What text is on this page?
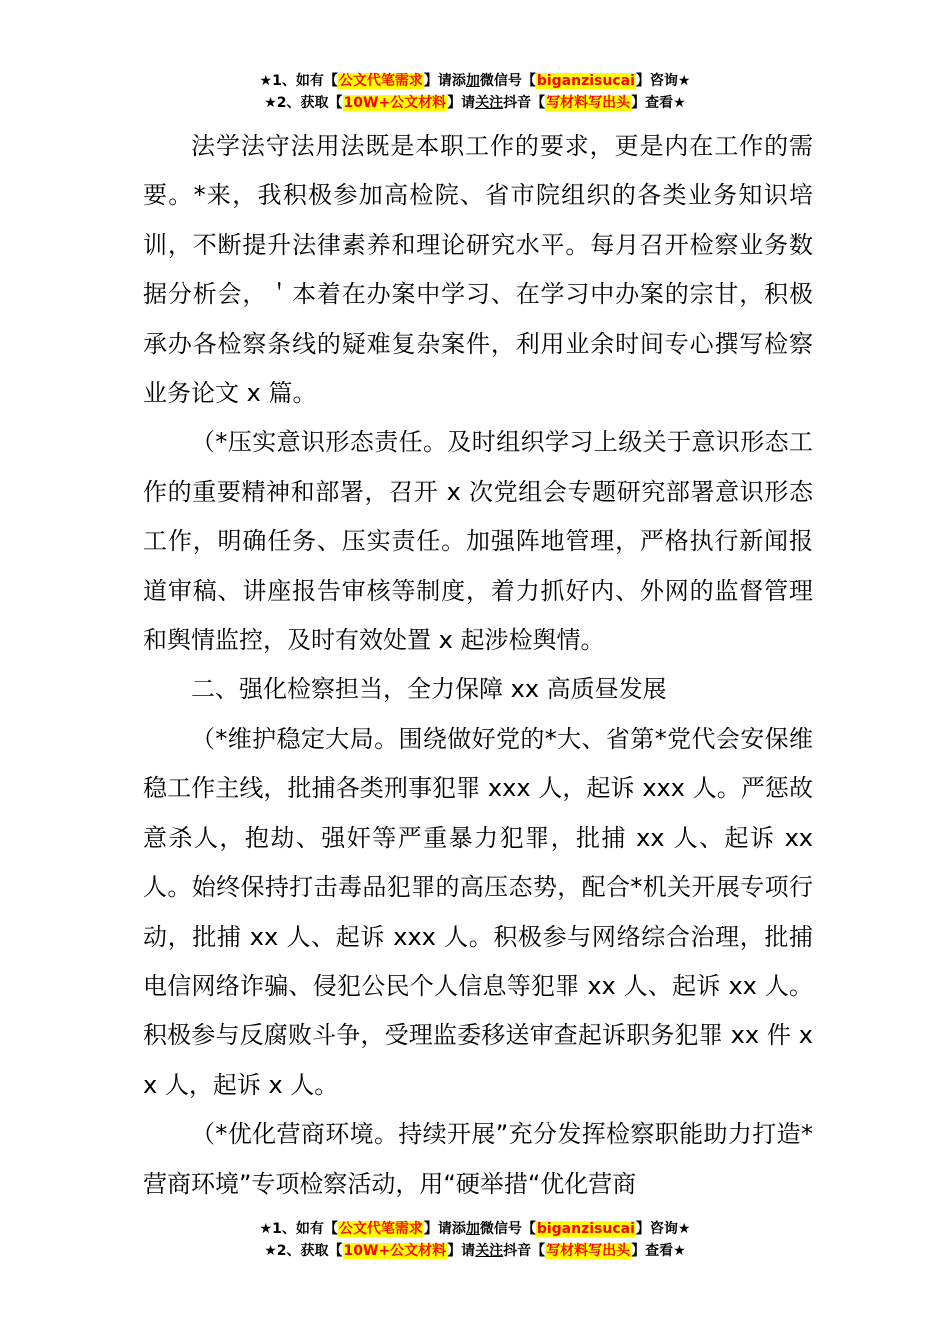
★1、如有【公文代笔需求】请添加微信号【biganzisucai】咨询★
★2、获取【10W+公文材料】请关注抖音【写材料写出头】查看★

法学法守法用法既是本职工作的要求，更是内在工作的需要。*来，我积极参加高检院、省市院组织的各类业务知识培训，不断提升法律素养和理论研究水平。每月召开检察业务数据分析会，＇本着在办案中学习、在学习中办案的宗甘，积极承办各检察条线的疑难复杂案件，利用业余时间专心撰写检察业务论文 x 篇。

（*压实意识形态责任。及时组织学习上级关于意识形态工作的重要精神和部署，召开 x 次党组会专题研究部署意识形态工作，明确任务、压实责任。加强阵地管理，严格执行新闻报道审稿、讲座报告审核等制度，着力抓好内、外网的监督管理和舆情监控，及时有效处置 x 起涉检舆情。

二、强化检察担当，全力保障 xx 高质昼发展

（*维护稳定大局。围绕做好党的*大、省第*党代会安保维稳工作主线，批捕各类刑事犯罪 xxx 人，起诉 xxx 人。严惩故意杀人，抱劫、强奸等严重暴力犯罪，批捕 xx 人、起诉 xx 人。始终保持打击毒品犯罪的高压态势，配合*机关开展专项行动，批捕 xx 人、起诉 xxx 人。积极参与网络综合治理，批捕电信网络诈骗、侵犯公民个人信息等犯罪 xx 人、起诉 xx 人。积极参与反腐败斗争，受理监委移送审查起诉职务犯罪 xx 件 xx 人，起诉 x 人。

（*优化营商环境。持续开展”充分发挥检察职能助力打造*营商环境”专项检察活动，用“硬举措“优化营商

★1、如有【公文代笔需求】请添加微信号【biganzisucai】咨询★
★2、获取【10W+公文材料】请关注抖音【写材料写出头】查看★
